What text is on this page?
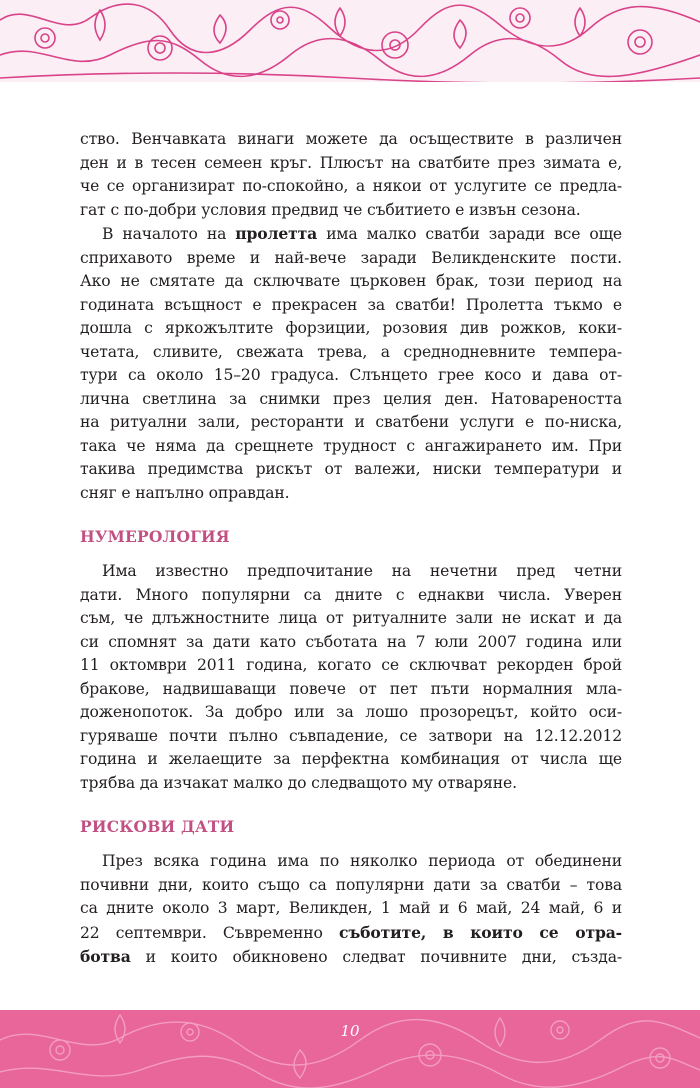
ство. Венчавката винаги можете да осъществите в различен
ден и в тесен семеен кръг. Плюсът на сватбите през зимата е,
че се организират по-спокойно, а някои от услугите се предла-
гат с по-добри условия предвид че събитието е извън сезона.

В началото на пролетта има малко сватби заради все още
сприхавото време и най-вече заради Великденските пости.
Ако не смятате да сключвате църковен брак, този период на
годината всъщност е прекрасен за сватби! Пролетта тъкмо е
дошла с яркожълтите форзиции, розовия див рожков, коки-
четата, сливите, свежата трева, а средноднeвните темпера-
тури са около 15–20 градуса. Слънцето грее косо и дава от-
лична светлина за снимки през целия ден. Натовареността
на ритуални зали, ресторанти и сватбени услуги е по-ниска,
така че няма да срещнете трудност с ангажирането им. При
такива предимства рискът от валежи, ниски температури и
сняг е напълно оправдан.

НУМЕРОЛОГИЯ

Има известно предпочитание на нечетни пред четни
дати. Много популярни са дните с еднакви числа. Уверен
съм, че длъжностните лица от ритуалните зали не искат и да
си спомнят за дати като съботата на 7 юли 2007 година или
11 октомври 2011 година, когато се сключват рекорден брой
бракове, надвишаващи повече от пет пъти нормалния мла-
доженопоток. За добро или за лошо прозорецът, който оси-
гуряваше почти пълно съвпадение, се затвори на 12.12.2012
година и желаещите за перфектна комбинация от числа ще
трябва да изчакат малко до следващото му отваряне.

РИСКОВИ ДАТИ

През всяка година има по няколко периода от обединени
почивни дни, които също са популярни дати за сватби – това
са дните около 3 март, Великден, 1 май и 6 май, 24 май, 6 и
22 септември. Съвременно съботите, в които се отра-
ботва и които обикновено следват почивните дни, създа-

10
